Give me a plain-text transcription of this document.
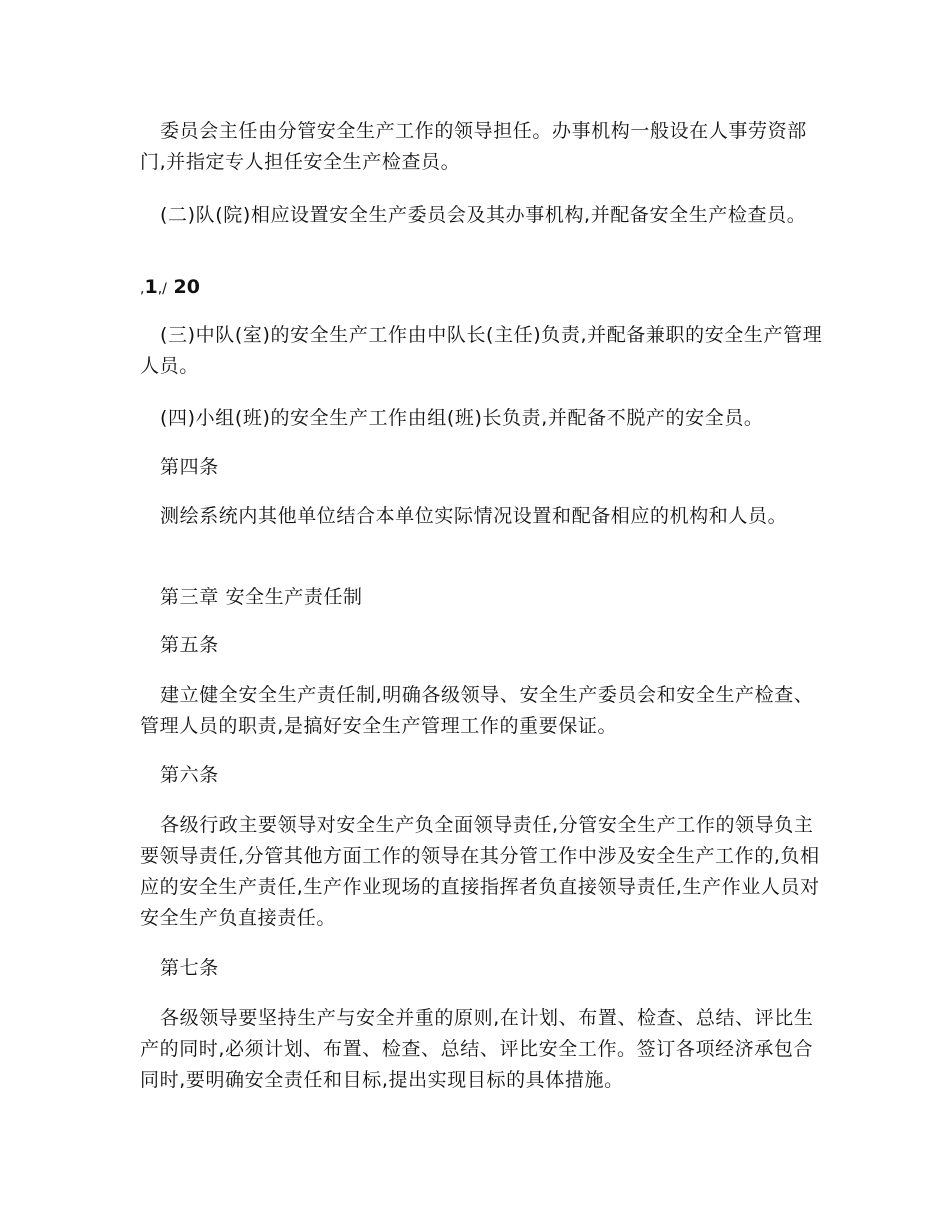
委员会主任由分管安全生产工作的领导担任。办事机构一般设在人事劳资部门,并指定专人担任安全生产检查员。

(二)队(院)相应设置安全生产委员会及其办事机构,并配备安全生产检查员。

,1,/ 20

(三)中队(室)的安全生产工作由中队长(主任)负责,并配备兼职的安全生产管理人员。

(四)小组(班)的安全生产工作由组(班)长负责,并配备不脱产的安全员。

第四条

测绘系统内其他单位结合本单位实际情况设置和配备相应的机构和人员。

第三章 安全生产责任制

第五条

建立健全安全生产责任制,明确各级领导、安全生产委员会和安全生产检查、管理人员的职责,是搞好安全生产管理工作的重要保证。

第六条

各级行政主要领导对安全生产负全面领导责任,分管安全生产工作的领导负主要领导责任,分管其他方面工作的领导在其分管工作中涉及安全生产工作的,负相应的安全生产责任,生产作业现场的直接指挥者负直接领导责任,生产作业人员对安全生产负直接责任。

第七条

各级领导要坚持生产与安全并重的原则,在计划、布置、检查、总结、评比生产的同时,必须计划、布置、检查、总结、评比安全工作。签订各项经济承包合同时,要明确安全责任和目标,提出实现目标的具体措施。
